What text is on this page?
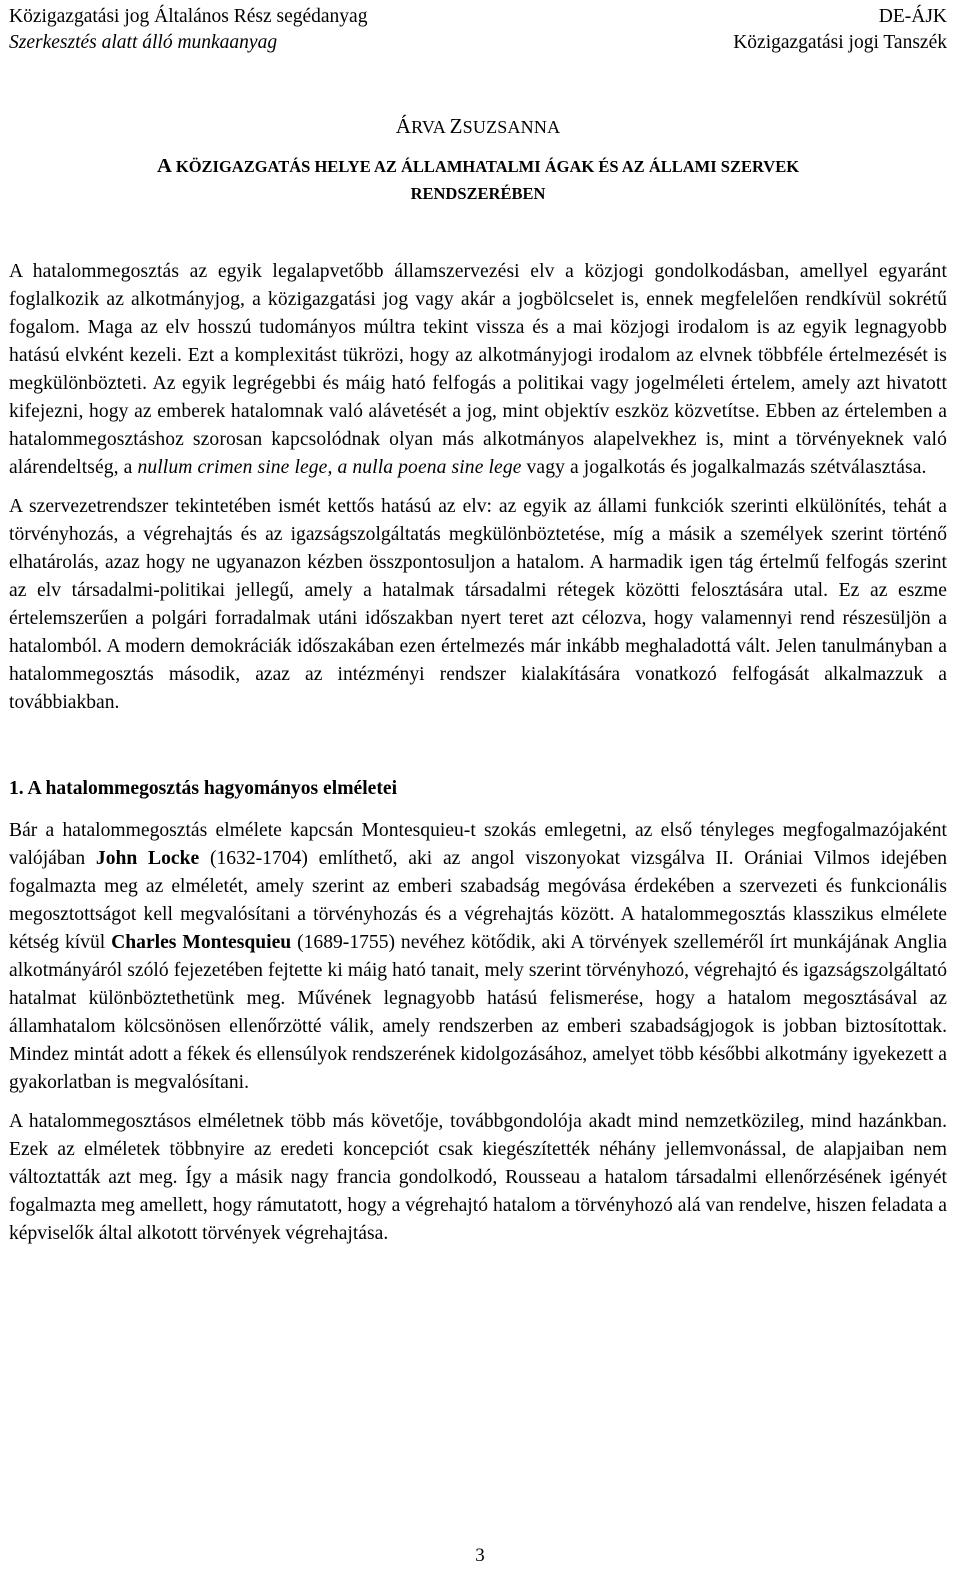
Közigazgatási jog Általános Rész segédanyag
Szerkesztés alatt álló munkaanyag
DE-ÁJK
Közigazgatási jogi Tanszék
ÁRVA ZSUZSANNA
A KÖZIGAZGATÁS HELYE AZ ÁLLAMHATALMI ÁGAK ÉS AZ ÁLLAMI SZERVEK
RENDSZERÉBEN

A hatalommegosztás az egyik legalapvetőbb államszervezési elv a közjogi gondolkodásban, amellyel egyaránt foglalkozik az alkotmányjog, a közigazgatási jog vagy akár a jogbölcselet is, ennek megfelelően rendkívül sokrétű fogalom. Maga az elv hosszú tudományos múltra tekint vissza és a mai közjogi irodalom is az egyik legnagyobb hatású elvként kezeli. Ezt a komplexitást tükrözi, hogy az alkotmányjogi irodalom az elvnek többféle értelmezését is megkülönbözteti. Az egyik legrégebbi és máig ható felfogás a politikai vagy jogelméleti értelem, amely azt hivatott kifejezni, hogy az emberek hatalomnak való alávetését a jog, mint objektív eszköz közvetítse. Ebben az értelemben a hatalommegosztáshoz szorosan kapcsolódnak olyan más alkotmányos alapelvekhez is, mint a törvényeknek való alárendeltség, a nullum crimen sine lege, a nulla poena sine lege vagy a jogalkotás és jogalkalmazás szétválasztása.

A szervezetrendszer tekintetében ismét kettős hatású az elv: az egyik az állami funkciók szerinti elkülönítés, tehát a törvényhozás, a végrehajtás és az igazságszolgáltatás megkülönböztetése, míg a másik a személyek szerint történő elhatárolás, azaz hogy ne ugyanazon kézben összpontosuljon a hatalom. A harmadik igen tág értelmű felfogás szerint az elv társadalmi-politikai jellegű, amely a hatalmak társadalmi rétegek közötti felosztására utal. Ez az eszme értelemszerűen a polgári forradalmak utáni időszakban nyert teret azt célozva, hogy valamennyi rend részesüljön a hatalomból. A modern demokráciák időszakában ezen értelmezés már inkább meghaladottá vált. Jelen tanulmányban a hatalommegosztás második, azaz az intézményi rendszer kialakítására vonatkozó felfogását alkalmazzuk a továbbiakban.

1. A hatalommegosztás hagyományos elméletei

Bár a hatalommegosztás elmélete kapcsán Montesquieu-t szokás emlegetni, az első tényleges megfogalmazójaként valójában John Locke (1632-1704) említhető, aki az angol viszonyokat vizsgálva II. Orániai Vilmos idejében fogalmazta meg az elméletét, amely szerint az emberi szabadság megóvása érdekében a szervezeti és funkcionális megosztottságot kell megvalósítani a törvényhozás és a végrehajtás között. A hatalommegosztás klasszikus elmélete kétség kívül Charles Montesquieu (1689-1755) nevéhez kötődik, aki A törvények szelleméről írt munkájának Anglia alkotmányáról szóló fejezetében fejtette ki máig ható tanait, mely szerint törvényhozó, végrehajtó és igazságszolgáltató hatalmat különböztethetünk meg. Művének legnagyobb hatású felismerése, hogy a hatalom megosztásával az államhatalom kölcsönösen ellenőrzötté válik, amely rendszerben az emberi szabadságjogok is jobban biztosítottak. Mindez mintát adott a fékek és ellensúlyok rendszerének kidolgozásához, amelyet több későbbi alkotmány igyekezett a gyakorlatban is megvalósítani.

A hatalommegosztásos elméletnek több más követője, továbbgondolója akadt mind nemzetközileg, mind hazánkban. Ezek az elméletek többnyire az eredeti koncepciót csak kiegészítették néhány jellemvonással, de alapjaiban nem változtatták azt meg. Így a másik nagy francia gondolkodó, Rousseau a hatalom társadalmi ellenőrzésének igényét fogalmazta meg amellett, hogy rámutatott, hogy a végrehajtó hatalom a törvényhozó alá van rendelve, hiszen feladata a képviselők által alkotott törvények végrehajtása.

3
